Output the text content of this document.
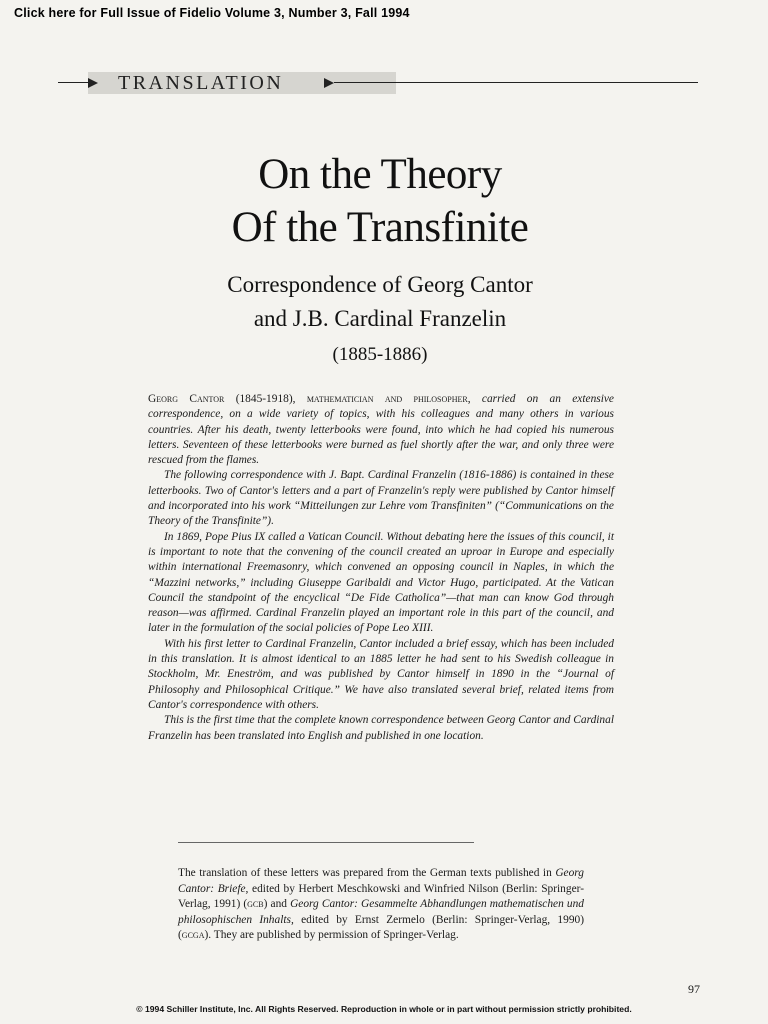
Click here for Full Issue of Fidelio Volume 3, Number 3, Fall 1994
TRANSLATION
On the Theory
Of the Transfinite
Correspondence of Georg Cantor
and J.B. Cardinal Franzelin
(1885-1886)

Georg Cantor (1845-1918), mathematician and philosopher, carried on an extensive correspondence, on a wide variety of topics, with his colleagues and many others in various countries. After his death, twenty letterbooks were found, into which he had copied his numerous letters. Seventeen of these letterbooks were burned as fuel shortly after the war, and only three were rescued from the flames.

The following correspondence with J. Bapt. Cardinal Franzelin (1816-1886) is contained in these letterbooks. Two of Cantor's letters and a part of Franzelin's reply were published by Cantor himself and incorporated into his work “Mitteilungen zur Lehre vom Transfiniten” (“Communications on the Theory of the Transfinite”).

In 1869, Pope Pius IX called a Vatican Council. Without debating here the issues of this council, it is important to note that the convening of the council created an uproar in Europe and especially within international Freemasonry, which convened an opposing council in Naples, in which the “Mazzini networks,” including Giuseppe Garibaldi and Victor Hugo, participated. At the Vatican Council the standpoint of the encyclical “De Fide Catholica”—that man can know God through reason—was affirmed. Cardinal Franzelin played an important role in this part of the council, and later in the formulation of the social policies of Pope Leo XIII.

With his first letter to Cardinal Franzelin, Cantor included a brief essay, which has been included in this translation. It is almost identical to an 1885 letter he had sent to his Swedish colleague in Stockholm, Mr. Eneström, and was published by Cantor himself in 1890 in the “Journal of Philosophy and Philosophical Critique.” We have also translated several brief, related items from Cantor's correspondence with others.

This is the first time that the complete known correspondence between Georg Cantor and Cardinal Franzelin has been translated into English and published in one location.

The translation of these letters was prepared from the German texts published in Georg Cantor: Briefe, edited by Herbert Meschkowski and Winfried Nilson (Berlin: Springer-Verlag, 1991) (gcb) and Georg Cantor: Gesammelte Abhandlungen mathematischen und philosophischen Inhalts, edited by Ernst Zermelo (Berlin: Springer-Verlag, 1990) (gcga). They are published by permission of Springer-Verlag.
97
© 1994 Schiller Institute, Inc. All Rights Reserved. Reproduction in whole or in part without permission strictly prohibited.
